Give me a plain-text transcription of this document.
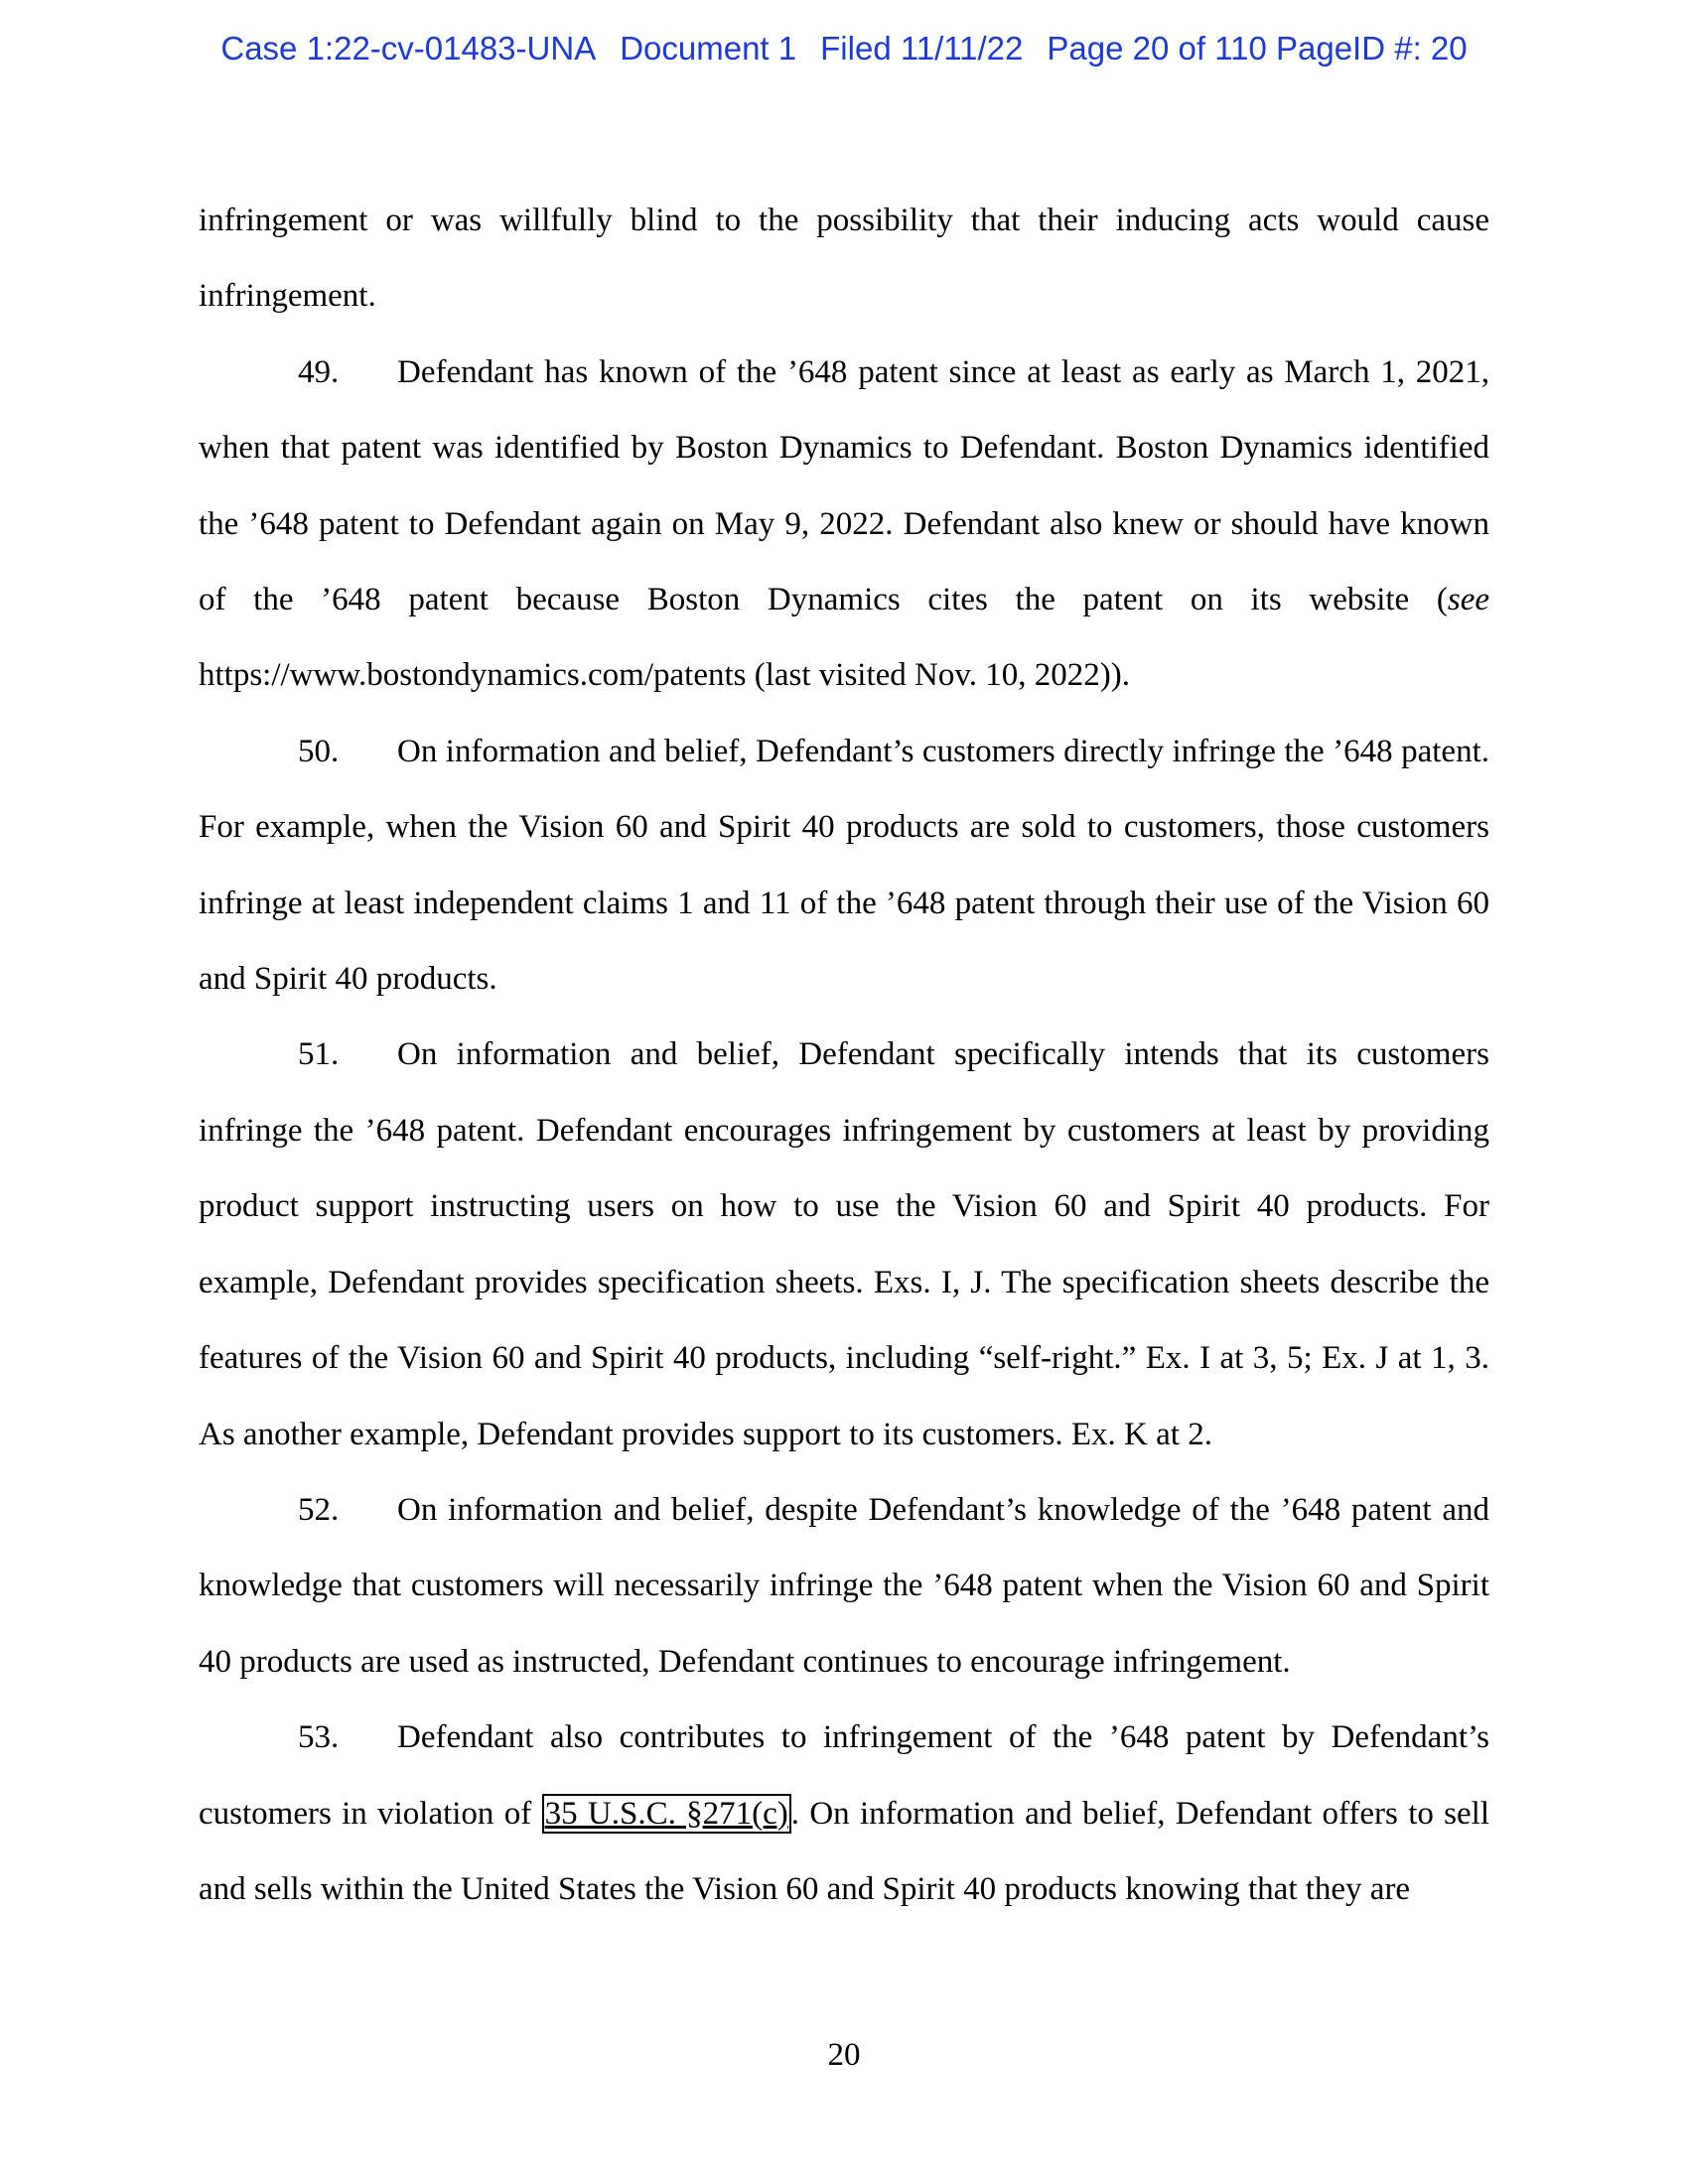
Case 1:22-cv-01483-UNA Document 1 Filed 11/11/22 Page 20 of 110 PageID #: 20

infringement or was willfully blind to the possibility that their inducing acts would cause infringement.

49. Defendant has known of the ’648 patent since at least as early as March 1, 2021, when that patent was identified by Boston Dynamics to Defendant. Boston Dynamics identified the ’648 patent to Defendant again on May 9, 2022. Defendant also knew or should have known of the ’648 patent because Boston Dynamics cites the patent on its website (see https://www.bostondynamics.com/patents (last visited Nov. 10, 2022)).

50. On information and belief, Defendant’s customers directly infringe the ’648 patent. For example, when the Vision 60 and Spirit 40 products are sold to customers, those customers infringe at least independent claims 1 and 11 of the ’648 patent through their use of the Vision 60 and Spirit 40 products.

51. On information and belief, Defendant specifically intends that its customers infringe the ’648 patent. Defendant encourages infringement by customers at least by providing product support instructing users on how to use the Vision 60 and Spirit 40 products. For example, Defendant provides specification sheets. Exs. I, J. The specification sheets describe the features of the Vision 60 and Spirit 40 products, including “self-right.” Ex. I at 3, 5; Ex. J at 1, 3. As another example, Defendant provides support to its customers. Ex. K at 2.

52. On information and belief, despite Defendant’s knowledge of the ’648 patent and knowledge that customers will necessarily infringe the ’648 patent when the Vision 60 and Spirit 40 products are used as instructed, Defendant continues to encourage infringement.

53. Defendant also contributes to infringement of the ’648 patent by Defendant’s customers in violation of 35 U.S.C. §271(c). On information and belief, Defendant offers to sell and sells within the United States the Vision 60 and Spirit 40 products knowing that they are

20
